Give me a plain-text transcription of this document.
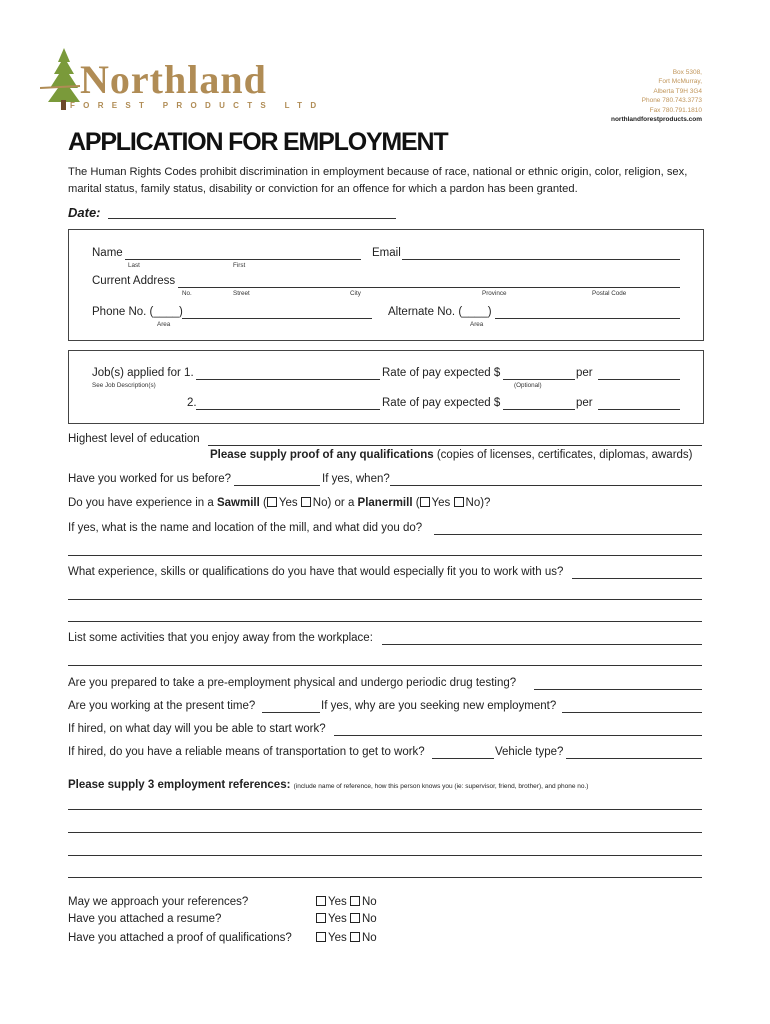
Northland
FOREST PRODUCTS LTD
Box 5308,
Fort McMurray,
Alberta T9H 3G4
Phone 780.743.3773
Fax 780.791.1810
northlandforestproducts.com
APPLICATION FOR EMPLOYMENT
The Human Rights Codes prohibit discrimination in employment because of race, national or ethnic origin, color, religion, sex, marital status, family status, disability or conviction for an offence for which a pardon has been granted.
Date:
Name
Last	First
Email
Current Address
No.	Street	City	Province	Postal Code
Phone No. (____)
Area
Alternate No. (____)
Area
Job(s) applied for 1.
See Job Description(s)
Rate of pay expected $	per
(Optional)
2.	Rate of pay expected $	per
Highest level of education
Please supply proof of any qualifications (copies of licenses, certificates, diplomas, awards)
Have you worked for us before?	If yes, when?
Do you have experience in a Sawmill ( Yes No) or a Planermill ( Yes No)?
If yes, what is the name and location of the mill, and what did you do?
What experience, skills or qualifications do you have that would especially fit you to work with us?
List some activities that you enjoy away from the workplace:
Are you prepared to take a pre-employment physical and undergo periodic drug testing?
Are you working at the present time?	If yes, why are you seeking new employment?
If hired, on what day will you be able to start work?
If hired, do you have a reliable means of transportation to get to work?	Vehicle type?
Please supply 3 employment references: (include name of reference, how this person knows you (ie: supervisor, friend, brother), and phone no.)
May we approach your references?	Yes No
Have you attached a resume?	Yes No
Have you attached a proof of qualifications?	Yes No
